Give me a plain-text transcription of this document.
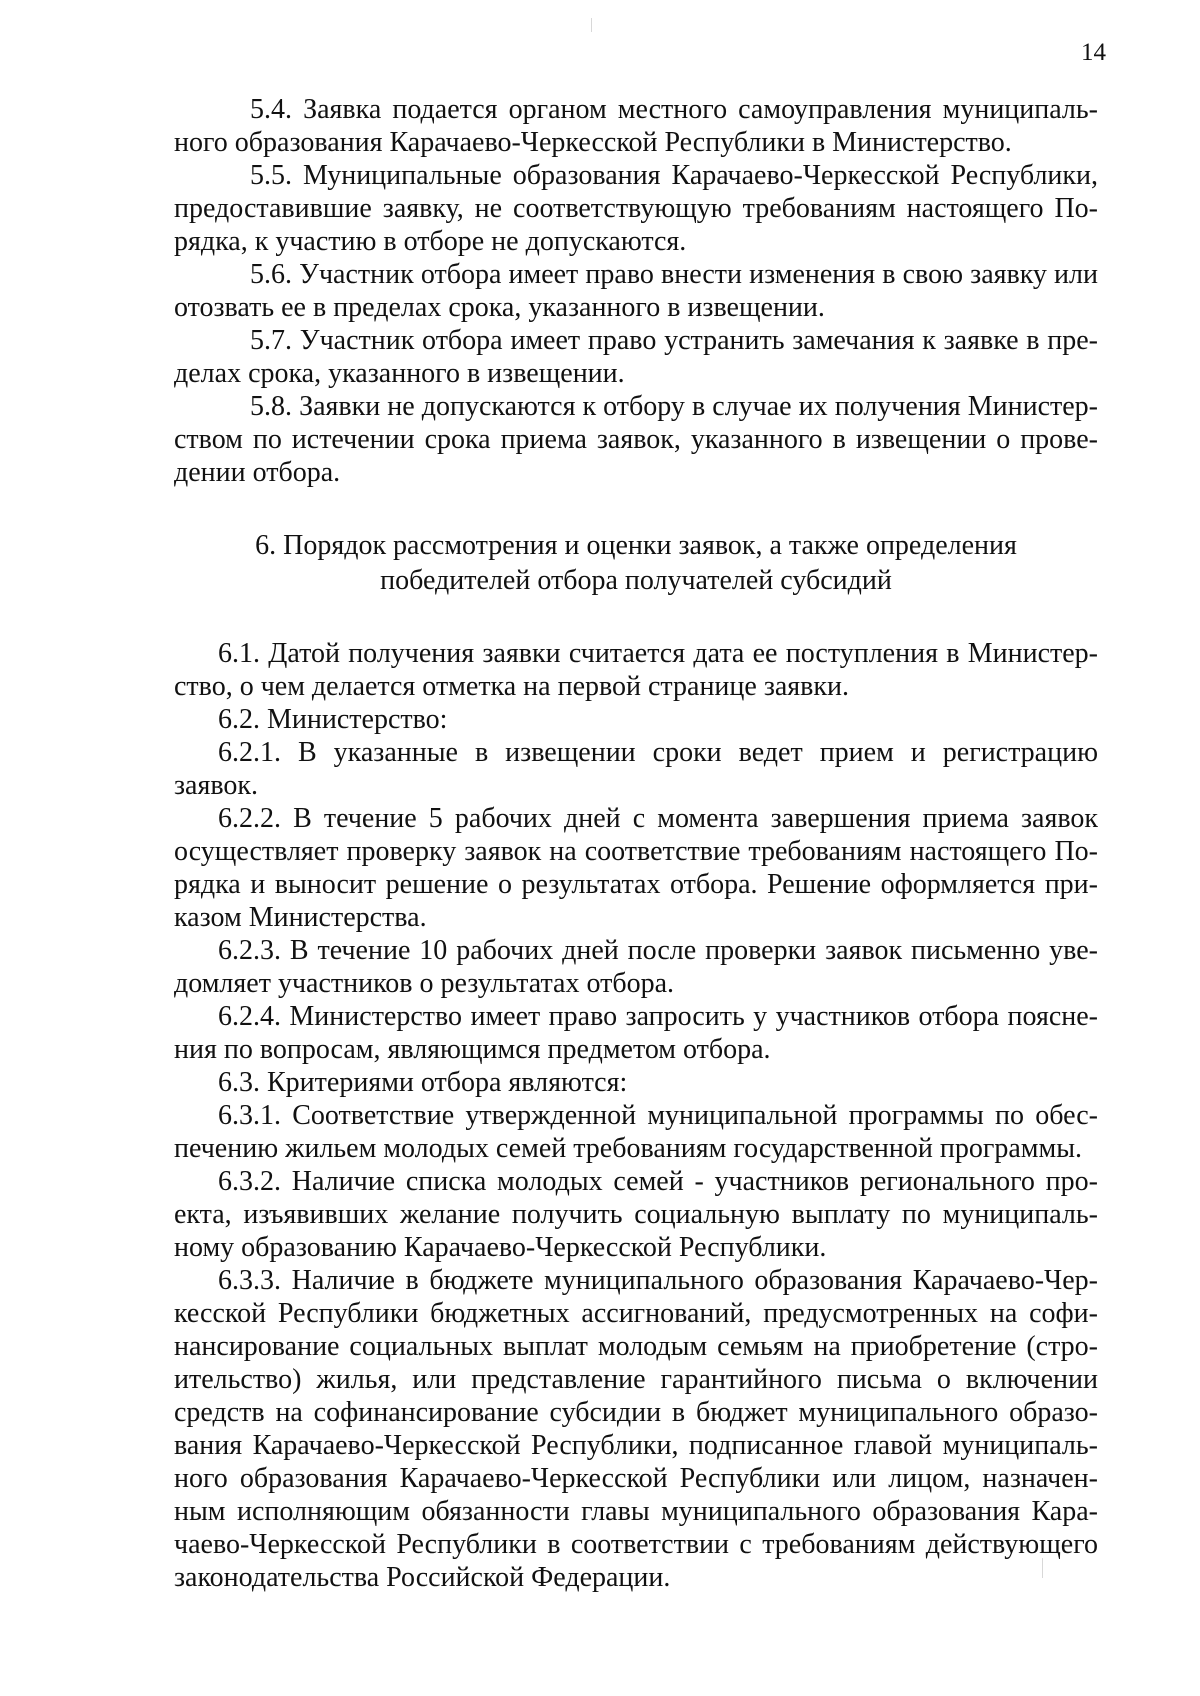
14

5.4. Заявка подается органом местного самоуправления муниципального образования Карачаево-Черкесской Республики в Министерство.

5.5. Муниципальные образования Карачаево-Черкесской Республики, предоставившие заявку, не соответствующую требованиям настоящего Порядка, к участию в отборе не допускаются.

5.6. Участник отбора имеет право внести изменения в свою заявку или отозвать ее в пределах срока, указанного в извещении.

5.7. Участник отбора имеет право устранить замечания к заявке в пределах срока, указанного в извещении.

5.8. Заявки не допускаются к отбору в случае их получения Министерством по истечении срока приема заявок, указанного в извещении о проведении отбора.

6. Порядок рассмотрения и оценки заявок, а также определения
победителей отбора получателей субсидий

6.1. Датой получения заявки считается дата ее поступления в Министерство, о чем делается отметка на первой странице заявки.

6.2. Министерство:

6.2.1. В указанные в извещении сроки ведет прием и регистрацию заявок.

6.2.2. В течение 5 рабочих дней с момента завершения приема заявок осуществляет проверку заявок на соответствие требованиям настоящего Порядка и выносит решение о результатах отбора. Решение оформляется приказом Министерства.

6.2.3. В течение 10 рабочих дней после проверки заявок письменно уведомляет участников о результатах отбора.

6.2.4. Министерство имеет право запросить у участников отбора пояснения по вопросам, являющимся предметом отбора.

6.3. Критериями отбора являются:

6.3.1. Соответствие утвержденной муниципальной программы по обеспечению жильем молодых семей требованиям государственной программы.

6.3.2. Наличие списка молодых семей - участников регионального проекта, изъявивших желание получить социальную выплату по муниципальному образованию Карачаево-Черкесской Республики.

6.3.3. Наличие в бюджете муниципального образования Карачаево-Черкесской Республики бюджетных ассигнований, предусмотренных на софинансирование социальных выплат молодым семьям на приобретение (строительство) жилья, или представление гарантийного письма о включении средств на софинансирование субсидии в бюджет муниципального образования Карачаево-Черкесской Республики, подписанное главой муниципального образования Карачаево-Черкесской Республики или лицом, назначенным исполняющим обязанности главы муниципального образования Карачаево-Черкесской Республики в соответствии с требованиям действующего законодательства Российской Федерации.
